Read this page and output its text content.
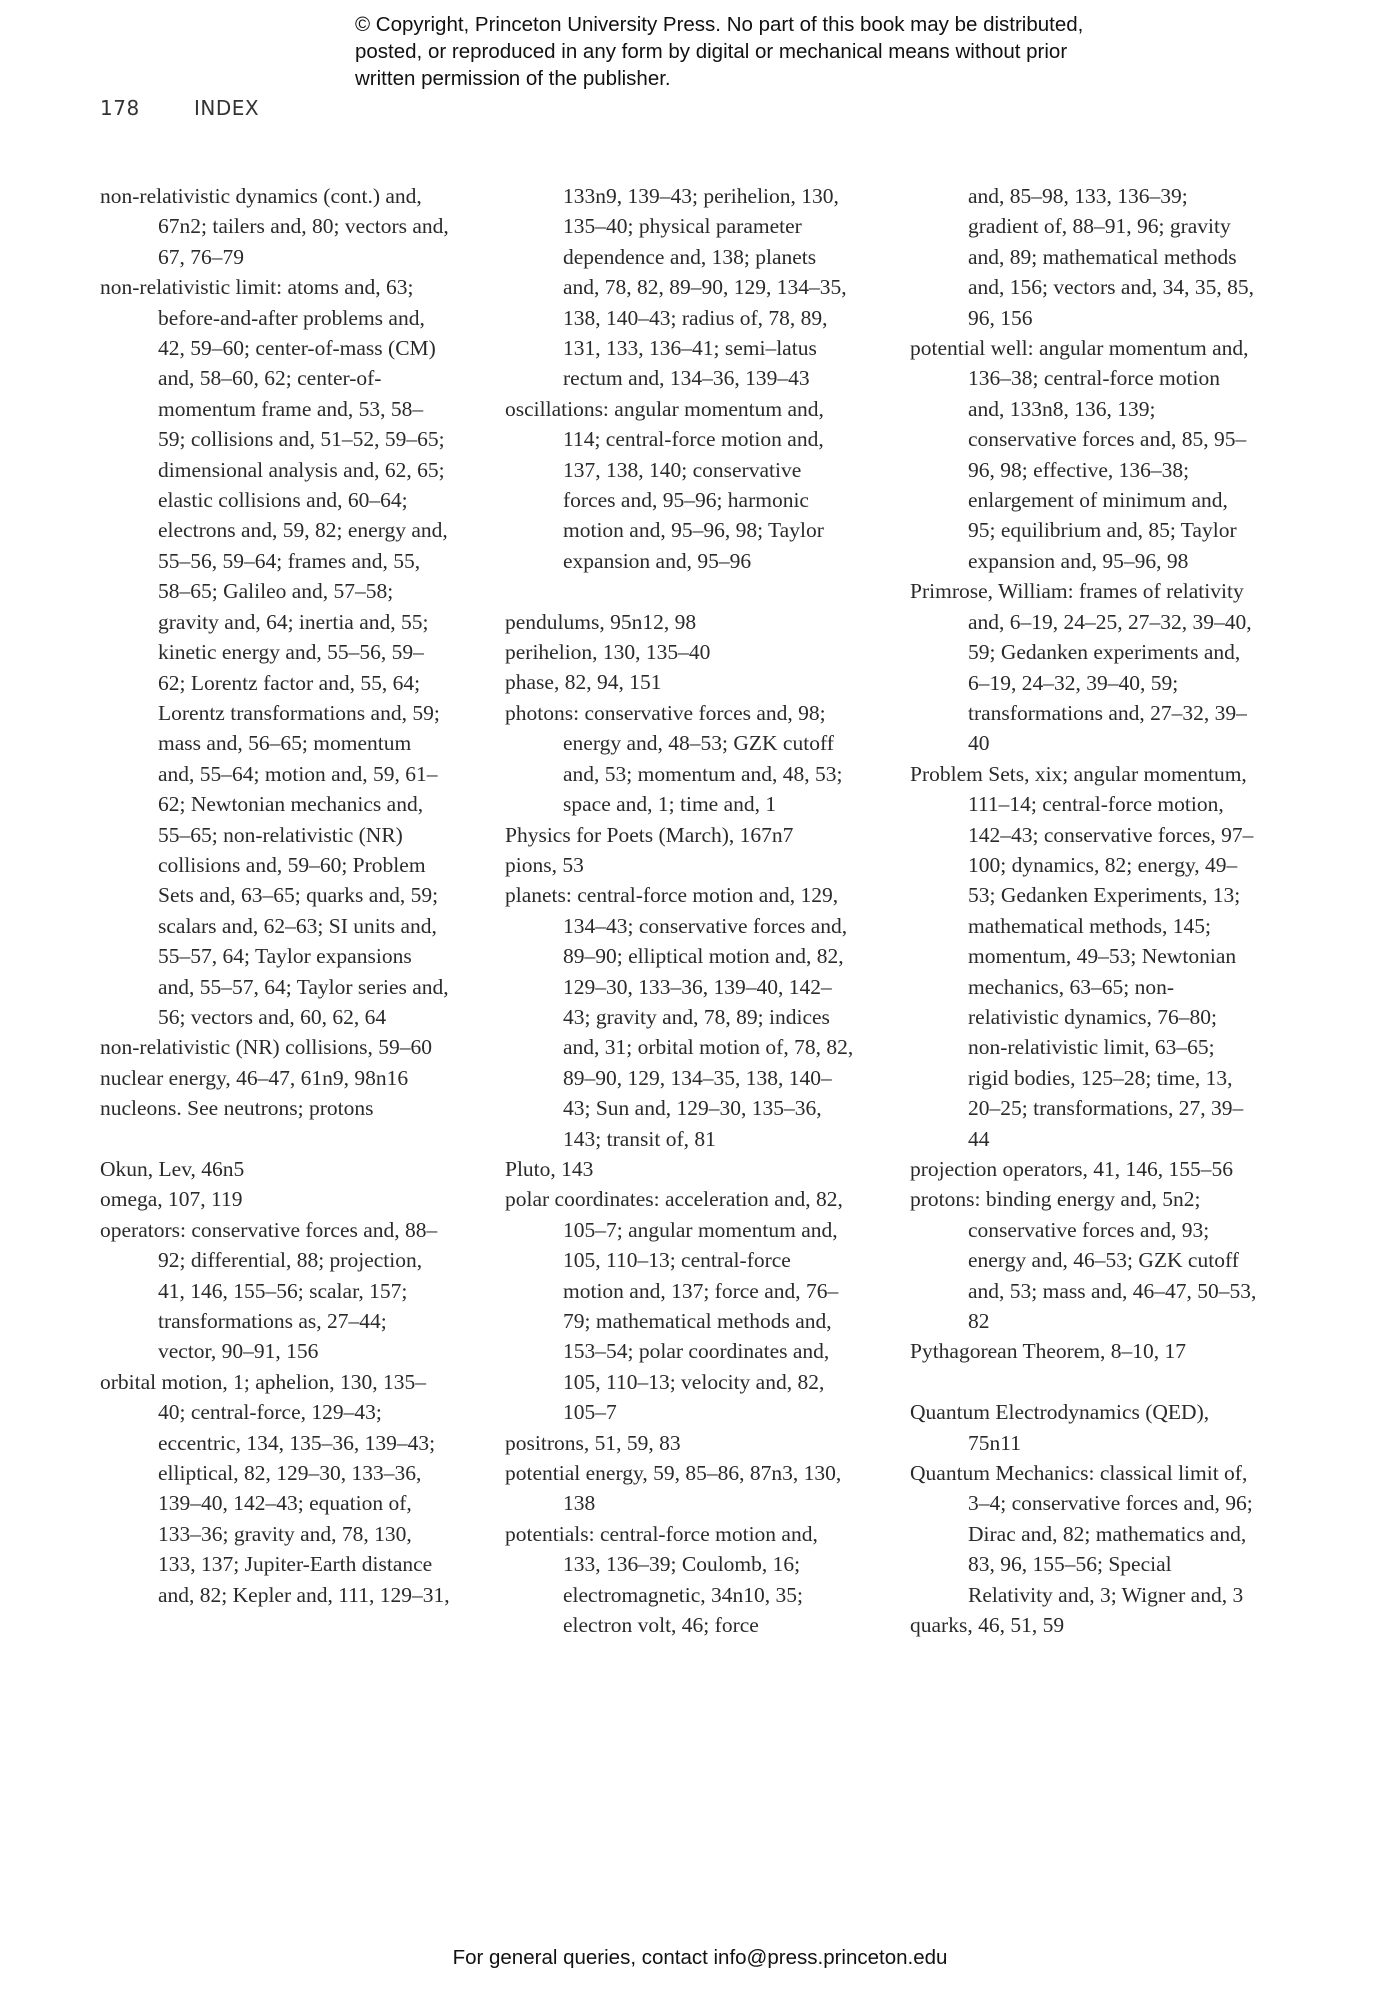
© Copyright, Princeton University Press. No part of this book may be distributed, posted, or reproduced in any form by digital or mechanical means without prior written permission of the publisher.
178	INDEX
non-relativistic dynamics (cont.) and, 67n2; tailers and, 80; vectors and, 67, 76–79
non-relativistic limit: atoms and, 63; before-and-after problems and, 42, 59–60; center-of-mass (CM) and, 58–60, 62; center-of-momentum frame and, 53, 58–59; collisions and, 51–52, 59–65; dimensional analysis and, 62, 65; elastic collisions and, 60–64; electrons and, 59, 82; energy and, 55–56, 59–64; frames and, 55, 58–65; Galileo and, 57–58; gravity and, 64; inertia and, 55; kinetic energy and, 55–56, 59–62; Lorentz factor and, 55, 64; Lorentz transformations and, 59; mass and, 56–65; momentum and, 55–64; motion and, 59, 61–62; Newtonian mechanics and, 55–65; non-relativistic (NR) collisions and, 59–60; Problem Sets and, 63–65; quarks and, 59; scalars and, 62–63; SI units and, 55–57, 64; Taylor expansions and, 55–57, 64; Taylor series and, 56; vectors and, 60, 62, 64
non-relativistic (NR) collisions, 59–60
nuclear energy, 46–47, 61n9, 98n16
nucleons. See neutrons; protons
Okun, Lev, 46n5
omega, 107, 119
operators: conservative forces and, 88–92; differential, 88; projection, 41, 146, 155–56; scalar, 157; transformations as, 27–44; vector, 90–91, 156
orbital motion, 1; aphelion, 130, 135–40; central-force, 129–43; eccentric, 134, 135–36, 139–43; elliptical, 82, 129–30, 133–36, 139–40, 142–43; equation of, 133–36; gravity and, 78, 130, 133, 137; Jupiter-Earth distance and, 82; Kepler and, 111, 129–31,
133n9, 139–43; perihelion, 130, 135–40; physical parameter dependence and, 138; planets and, 78, 82, 89–90, 129, 134–35, 138, 140–43; radius of, 78, 89, 131, 133, 136–41; semi–latus rectum and, 134–36, 139–43
oscillations: angular momentum and, 114; central-force motion and, 137, 138, 140; conservative forces and, 95–96; harmonic motion and, 95–96, 98; Taylor expansion and, 95–96
pendulums, 95n12, 98
perihelion, 130, 135–40
phase, 82, 94, 151
photons: conservative forces and, 98; energy and, 48–53; GZK cutoff and, 53; momentum and, 48, 53; space and, 1; time and, 1
Physics for Poets (March), 167n7
pions, 53
planets: central-force motion and, 129, 134–43; conservative forces and, 89–90; elliptical motion and, 82, 129–30, 133–36, 139–40, 142–43; gravity and, 78, 89; indices and, 31; orbital motion of, 78, 82, 89–90, 129, 134–35, 138, 140–43; Sun and, 129–30, 135–36, 143; transit of, 81
Pluto, 143
polar coordinates: acceleration and, 82, 105–7; angular momentum and, 105, 110–13; central-force motion and, 137; force and, 76–79; mathematical methods and, 153–54; polar coordinates and, 105, 110–13; velocity and, 82, 105–7
positrons, 51, 59, 83
potential energy, 59, 85–86, 87n3, 130, 138
potentials: central-force motion and, 133, 136–39; Coulomb, 16; electromagnetic, 34n10, 35; electron volt, 46; force
and, 85–98, 133, 136–39; gradient of, 88–91, 96; gravity and, 89; mathematical methods and, 156; vectors and, 34, 35, 85, 96, 156
potential well: angular momentum and, 136–38; central-force motion and, 133n8, 136, 139; conservative forces and, 85, 95–96, 98; effective, 136–38; enlargement of minimum and, 95; equilibrium and, 85; Taylor expansion and, 95–96, 98
Primrose, William: frames of relativity and, 6–19, 24–25, 27–32, 39–40, 59; Gedanken experiments and, 6–19, 24–32, 39–40, 59; transformations and, 27–32, 39–40
Problem Sets, xix; angular momentum, 111–14; central-force motion, 142–43; conservative forces, 97–100; dynamics, 82; energy, 49–53; Gedanken Experiments, 13; mathematical methods, 145; momentum, 49–53; Newtonian mechanics, 63–65; non-relativistic dynamics, 76–80; non-relativistic limit, 63–65; rigid bodies, 125–28; time, 13, 20–25; transformations, 27, 39–44
projection operators, 41, 146, 155–56
protons: binding energy and, 5n2; conservative forces and, 93; energy and, 46–53; GZK cutoff and, 53; mass and, 46–47, 50–53, 82
Pythagorean Theorem, 8–10, 17
Quantum Electrodynamics (QED), 75n11
Quantum Mechanics: classical limit of, 3–4; conservative forces and, 96; Dirac and, 82; mathematics and, 83, 96, 155–56; Special Relativity and, 3; Wigner and, 3
quarks, 46, 51, 59
For general queries, contact info@press.princeton.edu
